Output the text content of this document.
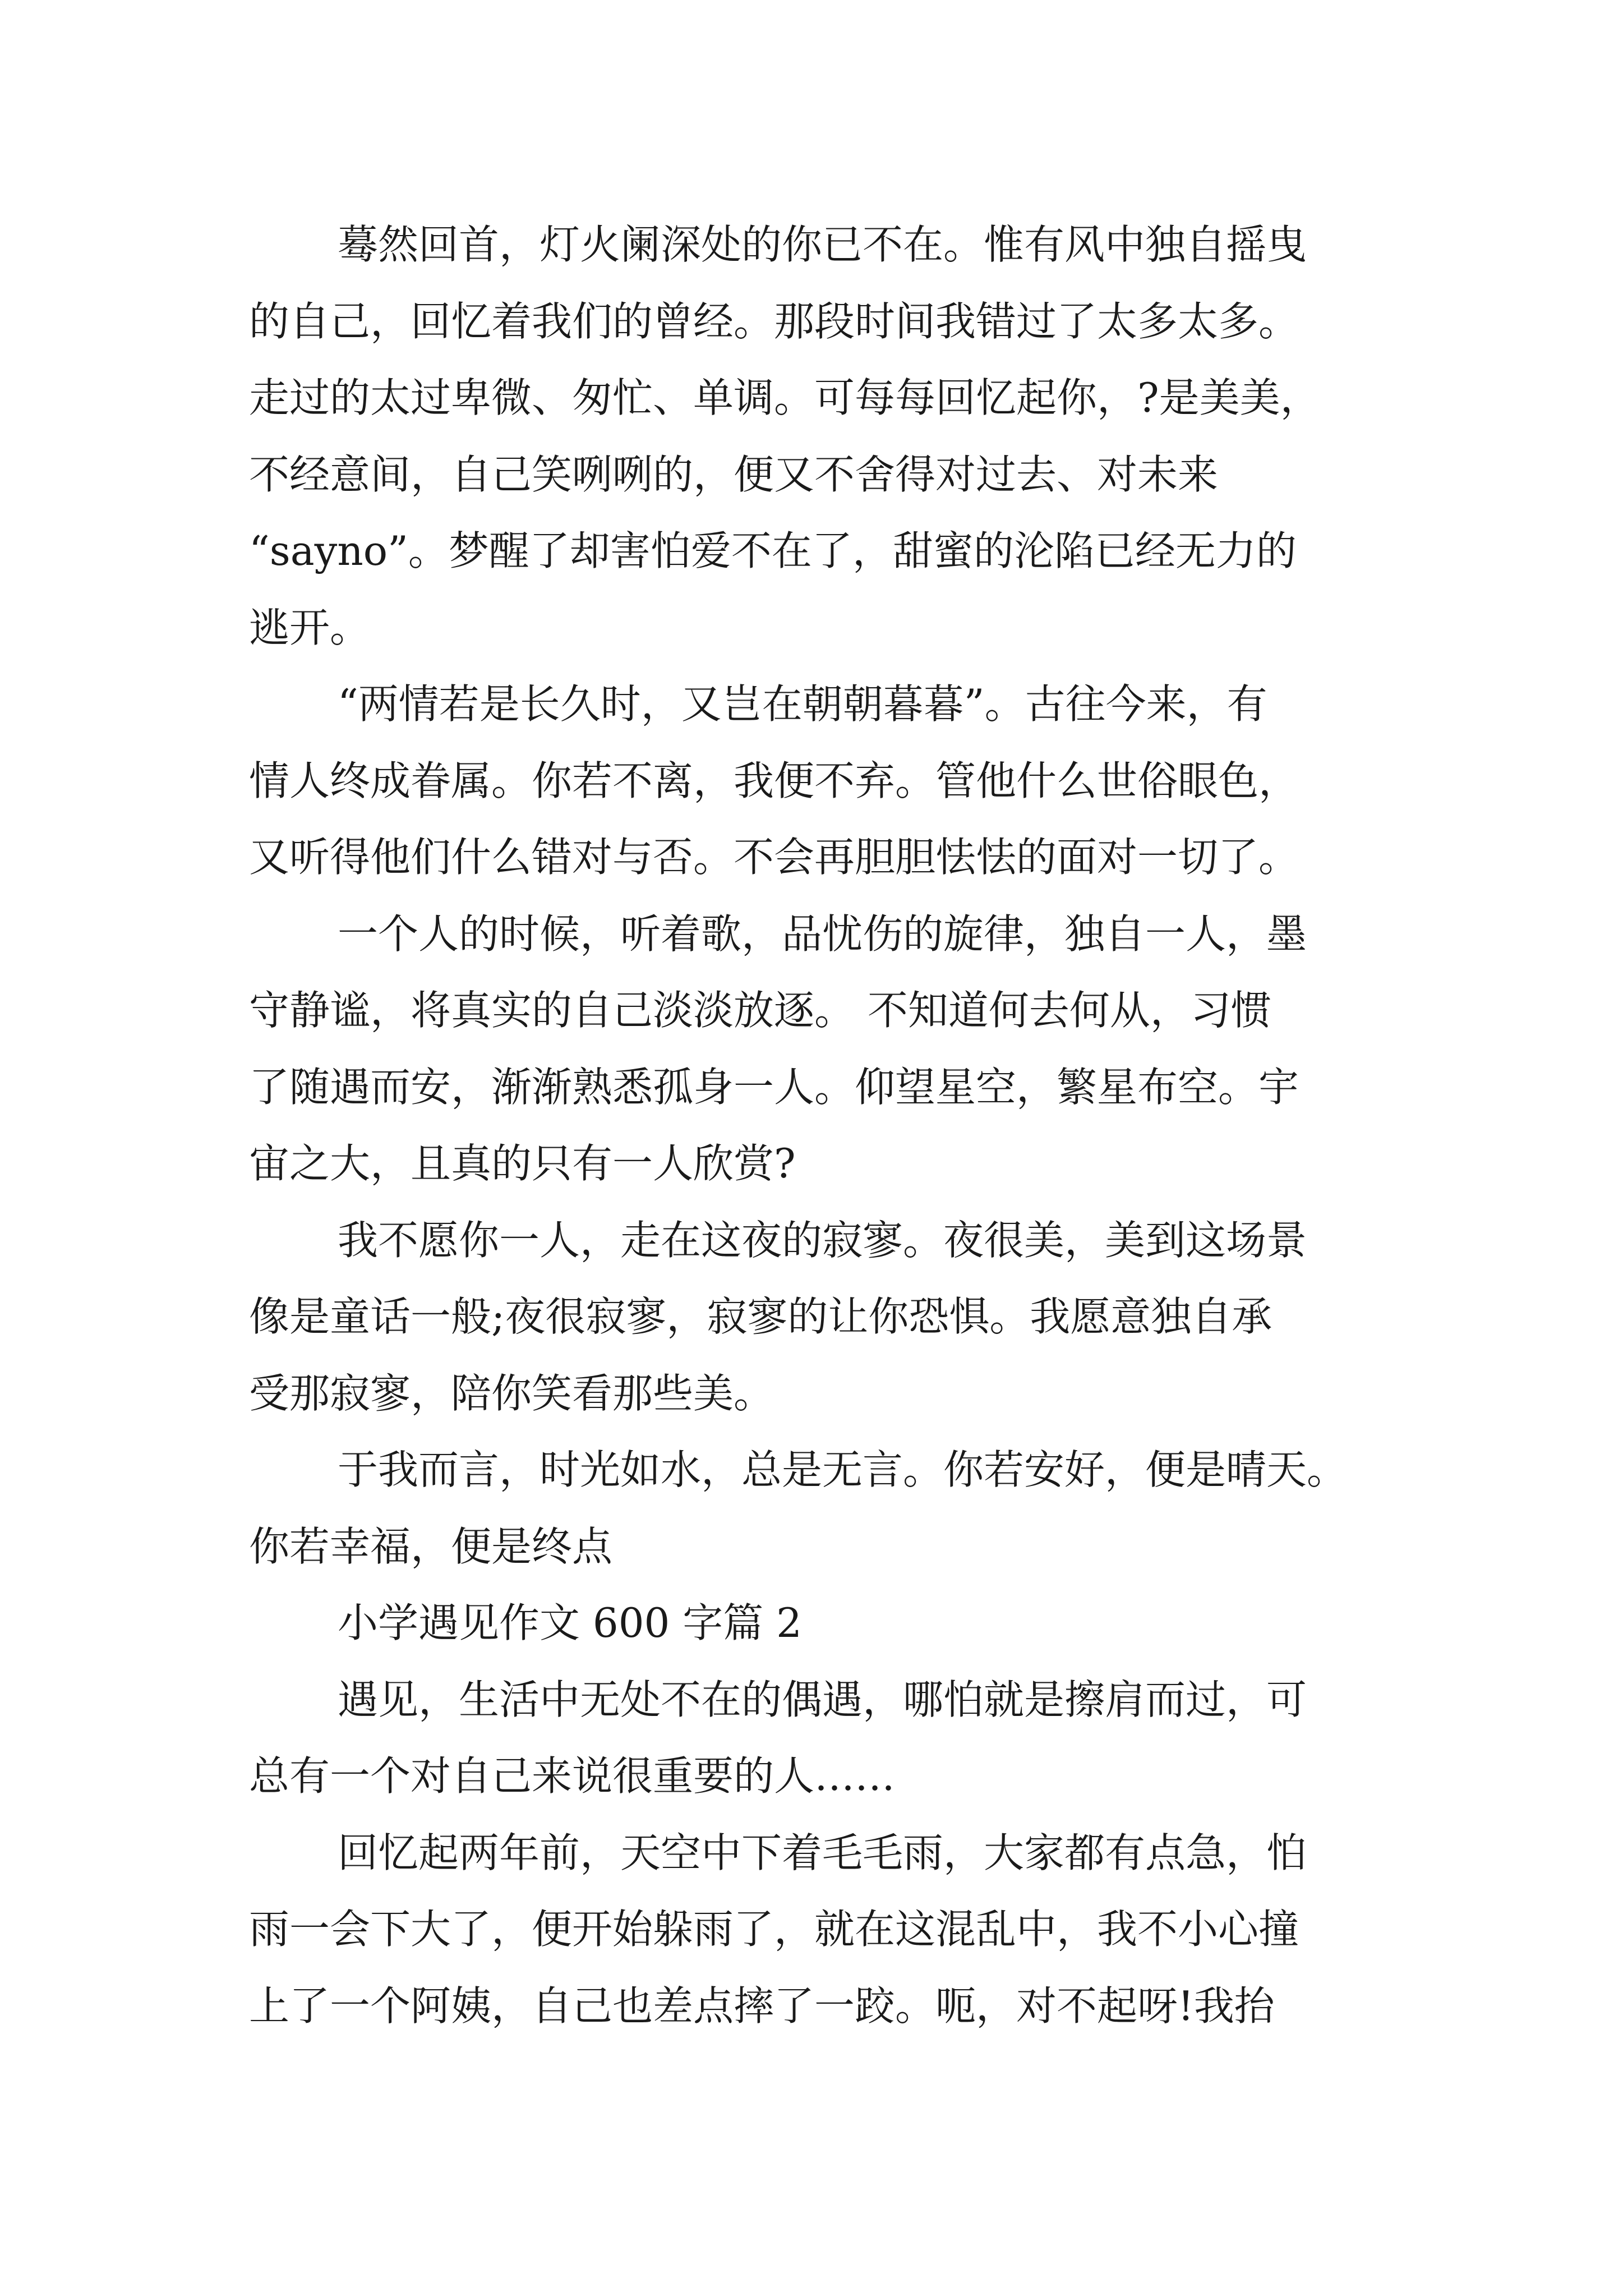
蓦然回首，灯火阑深处的你已不在。惟有风中独自摇曳
的自己，回忆着我们的曾经。那段时间我错过了太多太多。
走过的太过卑微、匆忙、单调。可每每回忆起你，?是美美，
不经意间，自己笑咧咧的，便又不舍得对过去、对未来
“sayno”。梦醒了却害怕爱不在了，甜蜜的沦陷已经无力的
逃开。
“两情若是长久时，又岂在朝朝暮暮”。古往今来，有
情人终成眷属。你若不离，我便不弃。管他什么世俗眼色，
又听得他们什么错对与否。不会再胆胆怯怯的面对一切了。
一个人的时候，听着歌，品忧伤的旋律，独自一人，墨
守静谧，将真实的自己淡淡放逐。 不知道何去何从，习惯
了随遇而安，渐渐熟悉孤身一人。仰望星空，繁星布空。宇
宙之大，且真的只有一人欣赏?
我不愿你一人，走在这夜的寂寥。夜很美，美到这场景
像是童话一般;夜很寂寥，寂寥的让你恐惧。我愿意独自承
受那寂寥，陪你笑看那些美。
于我而言，时光如水，总是无言。你若安好，便是晴天。
你若幸福，便是终点
小学遇见作文 600 字篇 2
遇见，生活中无处不在的偶遇，哪怕就是擦肩而过，可
总有一个对自己来说很重要的人……
回忆起两年前，天空中下着毛毛雨，大家都有点急，怕
雨一会下大了，便开始躲雨了，就在这混乱中，我不小心撞
上了一个阿姨，自己也差点摔了一跤。呃，对不起呀!我抬
